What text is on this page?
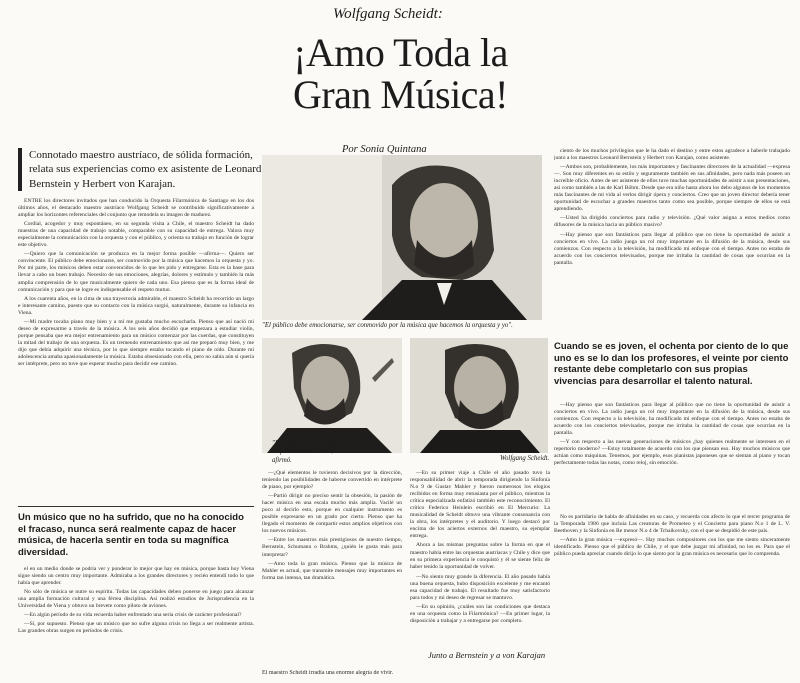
Wolfgang Scheidt:
¡Amo Toda la
Gran Música!
Por Sonia Quintana
Connotado maestro austríaco, de sólida formación, relata sus experiencias como ex asistente de Leonard Bernstein y Herbert von Karajan.

ENTRE los directores invitados que han conducido la Orquesta Filarmónica de Santiago en los dos últimos años, el destacado maestro austríaco Wolfgang Scheidt se contribuido significativamente a ampliar los horizontes referenciales del conjunto que remodela su imagen de madurez.

Cordial, acogedor y muy espontáneo, en su segunda visita a Chile, el maestro Scheidt ha dado muestras de una capacidad de trabajo notable, comparable con su capacidad de entrega. Valora muy especialmente la comunicación con la orquesta y con el público, y orienta su trabajo en función de lograr este objetivo.

—Quiero que la comunicación se produzca en la mejor forma posible —afirma—. Quiero ser convincente. El público debe emocionarse, ser conmovido por la música que hacemos la orquesta y yo. Por mi parte, los músicos deben estar convencidos de lo que les pido y entregarse. Esta es la base para llevar a cabo un buen trabajo. Necesito de sus emociones, alegrías, dolores y estímulo y también la más amplia comprensión de lo que musicalmente quiero de cada uno. Esa pienso que es la forma ideal de comunicación y para que se logre es indispensable el respeto mutuo.

A los cuarenta años, en la cima de una trayectoria admirable, el maestro Scheidt ha recorrido un largo e interesante camino, puesto que su contacto con la música surgió, naturalmente, durante su infancia en Viena.

—Mi madre tocaba piano muy bien y a mí me gustaba mucho escucharla. Pienso que así nació mi deseo de expresarme a través de la música. A los seis años decidió que empezara a estudiar violín, porque pensaba que era mejor entrenamiento para un músico comenzar por las cuerdas, que constituyen la mitad del trabajo de una orquesta. Es un tremendo entrenamiento que así me preparó muy bien, y me dijo que debía adquirir una técnica, por lo que siempre estaba tocando el piano de oído. Durante mi adolescencia amaba apasionadamente la música. Estaba obsesionado con ella, pero no sabía aún si quería ser intérprete, pero no tuve que esperar mucho para decidir ese camino.

"El público debe emocionarse, ser conmovido por la música que hacemos la orquesta y yo".

ciento de los muchos privilegios que le ha dado el destino y entre estos agradece a haberle trabajado junto a los maestros Leonard Bernstein y Herbert von Karajan, como asistente.

—Ambos son, probablemente, los más importantes y fascinantes directores de la actualidad —expresa—. Son muy diferentes en su estilo y seguramente también en sus afinidades, pero nada más poseen un increíble oficio. Antes de ser asistente de ellos tuve muchas oportunidades de asistir a sus presentaciones, así como también a las de Karl Böhm. Desde que era niño hasta ahora los debo algunos de los momentos más fascinantes de mi vida al verlos dirigir ópera y conciertos. Creo que un joven director debería tener oportunidad de escuchar a grandes maestros tanto como sea posible, porque siempre de ellos se está aprendiendo.

—Usted ha dirigido conciertos para radio y televisión. ¿Qué valor asigna a estos medios como difusores de la música hacia un público masivo?

—Hay pienso que son fantásticos para llegar al público que no tiene la oportunidad de asistir a conciertos en vivo. La radio juega un rol muy importante en la difusión de la música, desde sus comienzos. Con respecto a la televisión, ha modificado mi enfoque con el tiempo. Antes no estaba de acuerdo con los conciertos televisados, porque me irritaba la cantidad de cosas que ocurrían en la pantalla.

Cuando se es joven, el ochenta por ciento de lo que uno es se lo dan los profesores, el veinte por ciento restante debe completarlo con sus propias vivencias para desarrollar el talento natural.

—Hay pienso que son fantásticos para llegar al público que no tiene la oportunidad de asistir a conciertos en vivo. La radio juega un rol muy importante en la difusión de la música, desde sus comienzos. Con respecto a la televisión, ha modificado mi enfoque con el tiempo. Antes no estaba de acuerdo con los conciertos televisados, porque me irritaba la cantidad de cosas que ocurrían en la pantalla.

—Y con respecto a las nuevas generaciones de músicos ¿hay quienes realmente se interesen en el repertorio moderno? —Estoy totalmente de acuerdo con los que piensan eso. Hay muchos músicos que actúan como máquinas. Tenemos, por ejemplo, esos pianistas japoneses que se sientan al piano y tocan perfectamente todas las notas, como reloj, sin emoción.

"Los grandes obras surgen en períodos de crisis", afirmó.	Wolfgang Scheidt.
Un músico que no ha sufrido, que no ha conocido el fracaso, nunca será realmente capaz de hacer música, de hacerla sentir en toda su magnífica diversidad.

—En su primer viaje a Chile el año pasado tuvo la responsabilidad de abrir la temporada dirigiendo la Sinfonía N.o 9 de Gustav Mahler y fueron numerosos los elogios recibidos en forma muy entusiasta por el público, mientras la crítica especializada enfatizó también este reconocimiento. El crítico Federico Heinlein escribió en El Mercurio: La musicalidad de Scheidt obtuvo una vibrante consonancia con la obra, los intérpretes y el auditorio. Y luego destacó por encima de los aciertos externos del maestro, su ejemplar entrega.

Ahora a las mismas preguntas sobre la forma en que el maestro había entre las orquestas austríacas y Chile y dice que en su primera experiencia le conquistó y él se siente feliz de haber tenido la oportunidad de volver.

el en un medio donde se podría ver y ponderar lo mejor que hay en música, porque hasta hoy Viena sigue siendo un centro muy importante. Admiraba a los grandes directores y recién entendí todo lo que había que aprender.

No sólo de música se nutre su espíritu. Todas las capacidades deben ponerse en juego para alcanzar una amplia formación cultural y una férrea disciplina. Así realizó estudios de Jurisprudencia en la Universidad de Viena y obtuvo un brevete como piloto de aviones.

—En algún período de su vida recuerda haber enfrentado una seria crisis de carácter profesional?

—Sí, por supuesto. Pienso que un músico que no sufre alguna crisis no llega a ser realmente artista. Las grandes obras surgen en períodos de crisis.

—¿Qué elementos le tuvieron decisivos por la dirección, teniendo las posibilidades de haberse convertido en intérprete de piano, por ejemplo?

—Partió dirigir no preciso sentir la obsesión, la pasión de hacer música en una escala mucho más amplia. Vacilé un poco al decirlo esto, porque en cualquier instrumento es posible expresarse en un grado por cierto. Pienso que ha llegado el momento de compartir estos amplios objetivos con los nuevos músicos.

—Entre los maestros más prestigiosos de nuestro tiempo, Bernstein, Schumann o Brahms, ¿quién le gusta más para interpretar?

—Amo toda la gran música. Pienso que la música de Mahler es actual, que transmite mensajes muy importantes en forma tan intensa, tan dramática.	—No siento muy grande la diferencia. El año pasado había una buena orquesta, hubo disposición excelente y me encantó esa capacidad de trabajo. El resultado fue muy satisfactorio para todos y mi deseo de regresar se mantuvo.

—En su opinión, ¿cuáles son las condiciones que destaca en una orquesta como la Filarmónica? —En primer lugar, la disposición a trabajar y a entregarse por completo.

Junto a Bernstein y a von Karajan
El maestro Scheidt irradia una enorme alegría de vivir.

No es partidario de habla de afinidades en su caso, y recuerda con afecto lo que el tercer programa de la Temporada 1986 que incluía Las creaturas de Prometeo y el Concierto para piano N.o 1 de L. V. Beethoven y la Sinfonía en Re menor N.o 4 de Tchaikovsky, con el que se despidió de este país.

—Amo la gran música —expresó—. Hay muchos compositores con los que me siento sinceramente identificado. Pienso que el público de Chile, y el que debe juzgar mi afinidad, no los es. Para que el público pueda apreciar cuando dirijo lo que siento por la gran música es necesario que lo comprenda.
